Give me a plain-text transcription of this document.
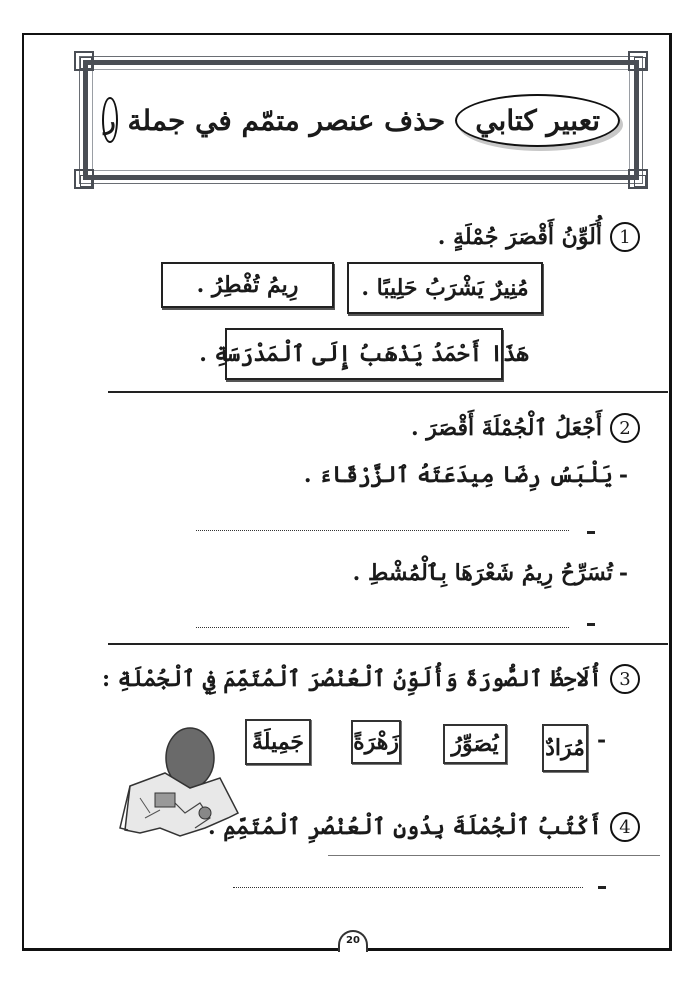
تعبير كتابي
حذف عنصر متمّم في جملة
ر
1
أُلَوِّنُ أَقْصَرَ جُمْلَةٍ .
مُنِيرٌ يَشْرَبُ حَلِيبًا .
رِيمُ تُفْطِرُ .
هَذَا أَحْمَدُ يَذْهَبُ إِلَى ٱلْمَدْرَسَةِ .
2
أَجْعَلُ ٱلْجُمْلَةَ أَقْصَرَ .
-
يَلْبَسُ رِضَا مِيدَعَتَهُ ٱلزَّرْقَاءَ .
-
تُسَرِّحُ رِيمُ شَعْرَهَا بِٱلْمُشْطِ .
3
أُلَاحِظُ ٱلصُّورَةَ وَأُلَوِّنُ ٱلْعُنْصُرَ ٱلْمُتَمِّمَ فِي ٱلْجُمْلَةِ :
-
مُرَادٌ
يُصَوِّرُ
زَهْرَةً
جَمِيلَةً
4
أَكْتُبُ ٱلْجُمْلَةَ بِدُونِ ٱلْعُنْصُرِ ٱلْمُتَمِّمِ .
20
